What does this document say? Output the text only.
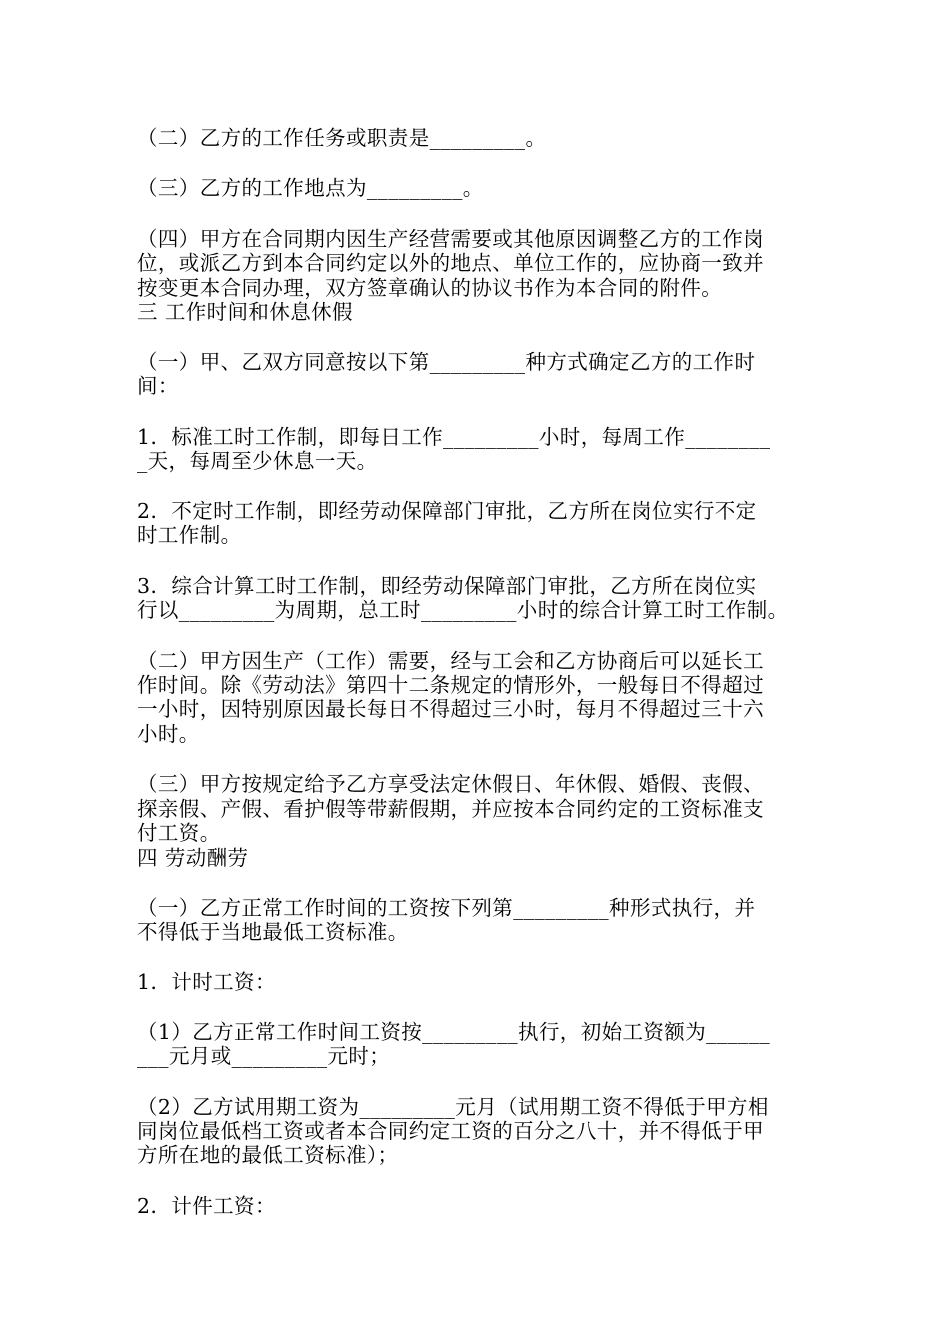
（二）乙方的工作任务或职责是_________。
（三）乙方的工作地点为_________。
（四）甲方在合同期内因生产经营需要或其他原因调整乙方的工作岗
位，或派乙方到本合同约定以外的地点、单位工作的，应协商一致并
按变更本合同办理，双方签章确认的协议书作为本合同的附件。
三 工作时间和休息休假
（一）甲、乙双方同意按以下第_________种方式确定乙方的工作时
间：
1．标准工时工作制，即每日工作_________小时，每周工作________
_天，每周至少休息一天。
2．不定时工作制，即经劳动保障部门审批，乙方所在岗位实行不定
时工作制。
3．综合计算工时工作制，即经劳动保障部门审批，乙方所在岗位实
行以_________为周期，总工时_________小时的综合计算工时工作制。
（二）甲方因生产（工作）需要，经与工会和乙方协商后可以延长工
作时间。除《劳动法》第四十二条规定的情形外，一般每日不得超过
一小时，因特别原因最长每日不得超过三小时，每月不得超过三十六
小时。
（三）甲方按规定给予乙方享受法定休假日、年休假、婚假、丧假、
探亲假、产假、看护假等带薪假期，并应按本合同约定的工资标准支
付工资。
四 劳动酬劳
（一）乙方正常工作时间的工资按下列第_________种形式执行，并
不得低于当地最低工资标准。
1．计时工资：
（1）乙方正常工作时间工资按_________执行，初始工资额为______
___元月或_________元时；
（2）乙方试用期工资为_________元月（试用期工资不得低于甲方相
同岗位最低档工资或者本合同约定工资的百分之八十，并不得低于甲
方所在地的最低工资标准）；
2．计件工资：
